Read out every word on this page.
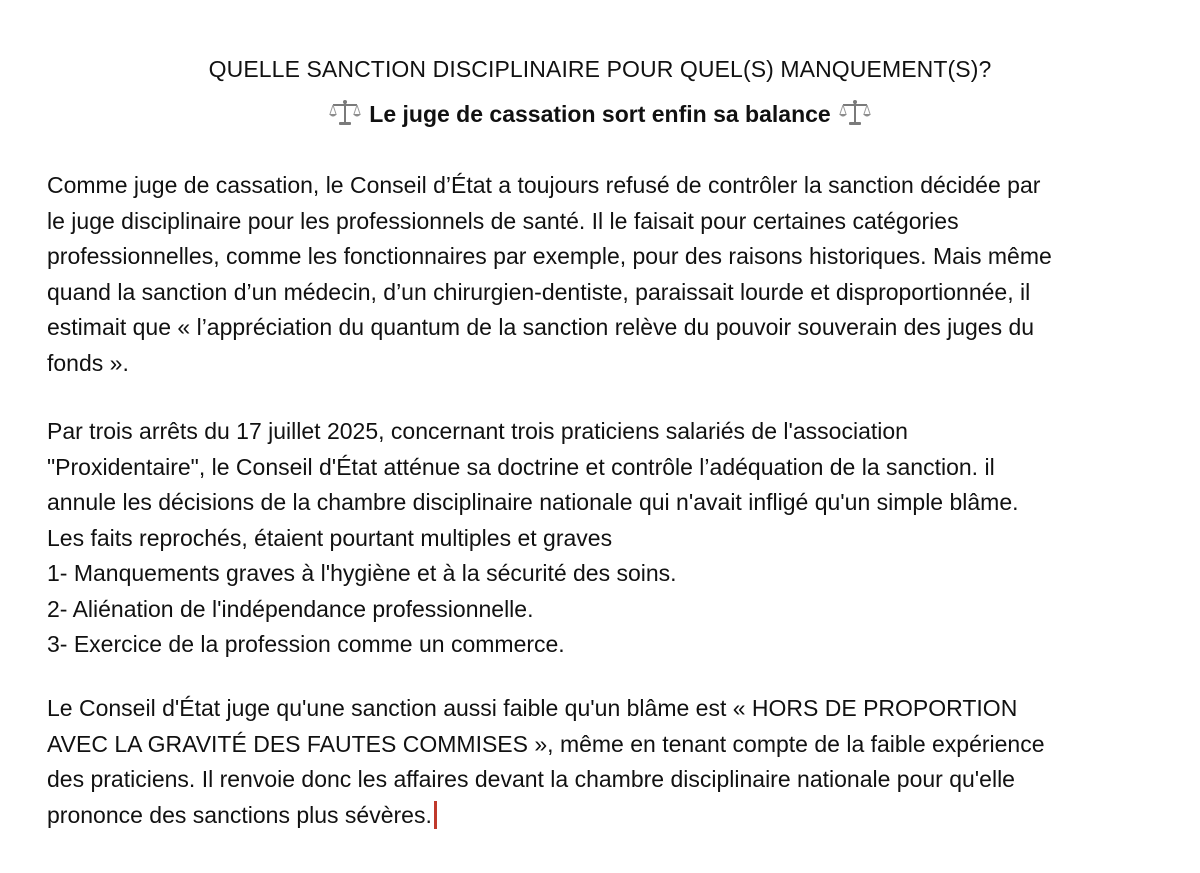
QUELLE SANCTION DISCIPLINAIRE POUR QUEL(S) MANQUEMENT(S)?
Le juge de cassation sort enfin sa balance

Comme juge de cassation, le Conseil d’État a toujours refusé de contrôler la sanction décidée par
le juge disciplinaire pour les professionnels de santé. Il le faisait pour certaines catégories
professionnelles, comme les fonctionnaires par exemple, pour des raisons historiques. Mais même
quand la sanction d’un médecin, d’un chirurgien-dentiste, paraissait lourde et disproportionnée, il
estimait que « l’appréciation du quantum de la sanction relève du pouvoir souverain des juges du
fonds ».

Par trois arrêts du 17 juillet 2025, concernant trois praticiens salariés de l'association
"Proxidentaire", le Conseil d'État atténue sa doctrine et contrôle l’adéquation de la sanction. il
annule les décisions de la chambre disciplinaire nationale qui n'avait infligé qu'un simple blâme.
Les faits reprochés, étaient pourtant multiples et graves
1- Manquements graves à l'hygiène et à la sécurité des soins.
2- Aliénation de l'indépendance professionnelle.
3- Exercice de la profession comme un commerce.

Le Conseil d'État juge qu'une sanction aussi faible qu'un blâme est « HORS DE PROPORTION
AVEC LA GRAVITÉ DES FAUTES COMMISES », même en tenant compte de la faible expérience
des praticiens. Il renvoie donc les affaires devant la chambre disciplinaire nationale pour qu'elle
prononce des sanctions plus sévères.
